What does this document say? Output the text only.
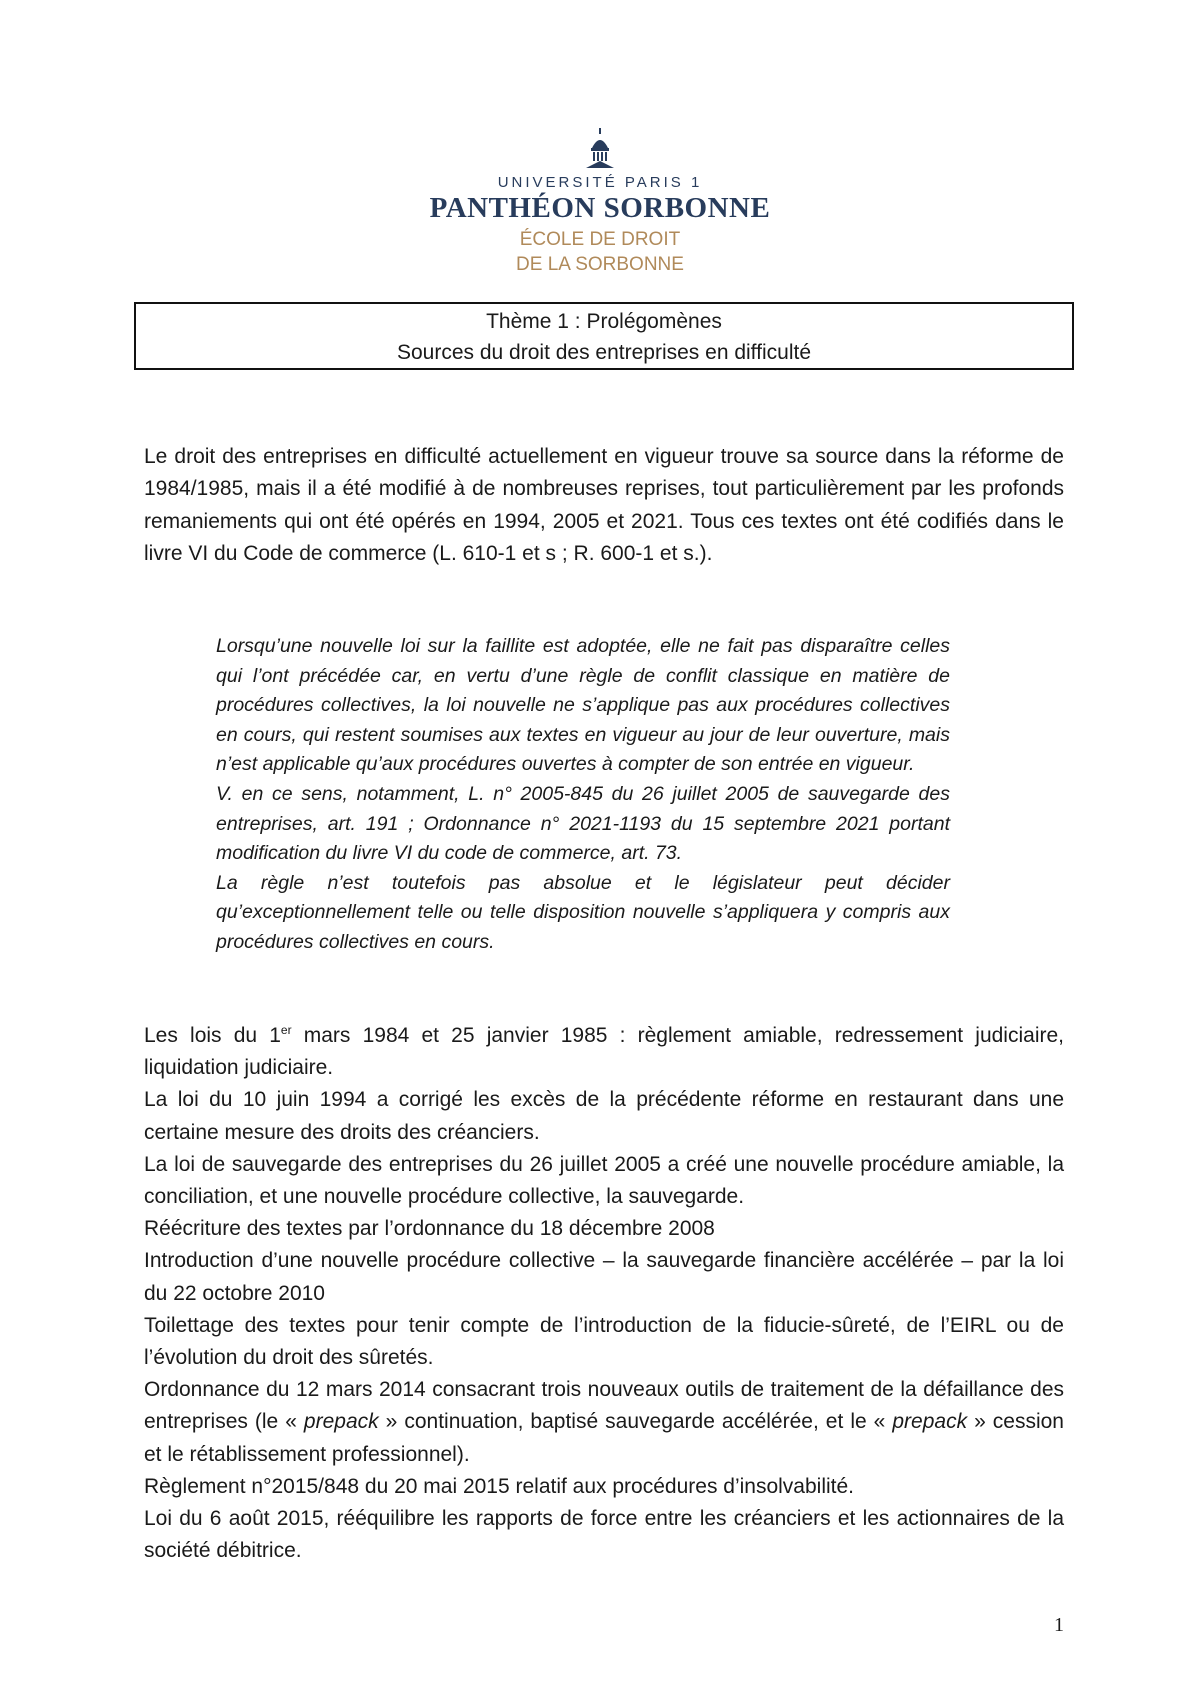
UNIVERSITÉ PARIS 1
PANTHÉON SORBONNE
ÉCOLE DE DROIT
DE LA SORBONNE
Thème 1 : Prolégomènes
Sources du droit des entreprises en difficulté

Le droit des entreprises en difficulté actuellement en vigueur trouve sa source dans la réforme de 1984/1985, mais il a été modifié à de nombreuses reprises, tout particulièrement par les profonds remaniements qui ont été opérés en 1994, 2005 et 2021. Tous ces textes ont été codifiés dans le livre VI du Code de commerce (L. 610-1 et s ; R. 600-1 et s.).

Lorsqu’une nouvelle loi sur la faillite est adoptée, elle ne fait pas disparaître celles qui l’ont précédée car, en vertu d’une règle de conflit classique en matière de procédures collectives, la loi nouvelle ne s’applique pas aux procédures collectives en cours, qui restent soumises aux textes en vigueur au jour de leur ouverture, mais n’est applicable qu’aux procédures ouvertes à compter de son entrée en vigueur.

V. en ce sens, notamment, L. n° 2005-845 du 26 juillet 2005 de sauvegarde des entreprises, art. 191 ; Ordonnance n° 2021-1193 du 15 septembre 2021 portant modification du livre VI du code de commerce, art. 73.

La règle n’est toutefois pas absolue et le législateur peut décider qu’exceptionnellement telle ou telle disposition nouvelle s’appliquera y compris aux procédures collectives en cours.

Les lois du 1er mars 1984 et 25 janvier 1985 : règlement amiable, redressement judiciaire, liquidation judiciaire.

La loi du 10 juin 1994 a corrigé les excès de la précédente réforme en restaurant dans une certaine mesure des droits des créanciers.

La loi de sauvegarde des entreprises du 26 juillet 2005 a créé une nouvelle procédure amiable, la conciliation, et une nouvelle procédure collective, la sauvegarde.

Réécriture des textes par l’ordonnance du 18 décembre 2008

Introduction d’une nouvelle procédure collective – la sauvegarde financière accélérée – par la loi du 22 octobre 2010

Toilettage des textes pour tenir compte de l’introduction de la fiducie-sûreté, de l’EIRL ou de l’évolution du droit des sûretés.

Ordonnance du 12 mars 2014 consacrant trois nouveaux outils de traitement de la défaillance des entreprises (le « prepack » continuation, baptisé sauvegarde accélérée, et le « prepack » cession et le rétablissement professionnel).

Règlement n°2015/848 du 20 mai 2015 relatif aux procédures d’insolvabilité.

Loi du 6 août 2015, rééquilibre les rapports de force entre les créanciers et les actionnaires de la société débitrice.

1
